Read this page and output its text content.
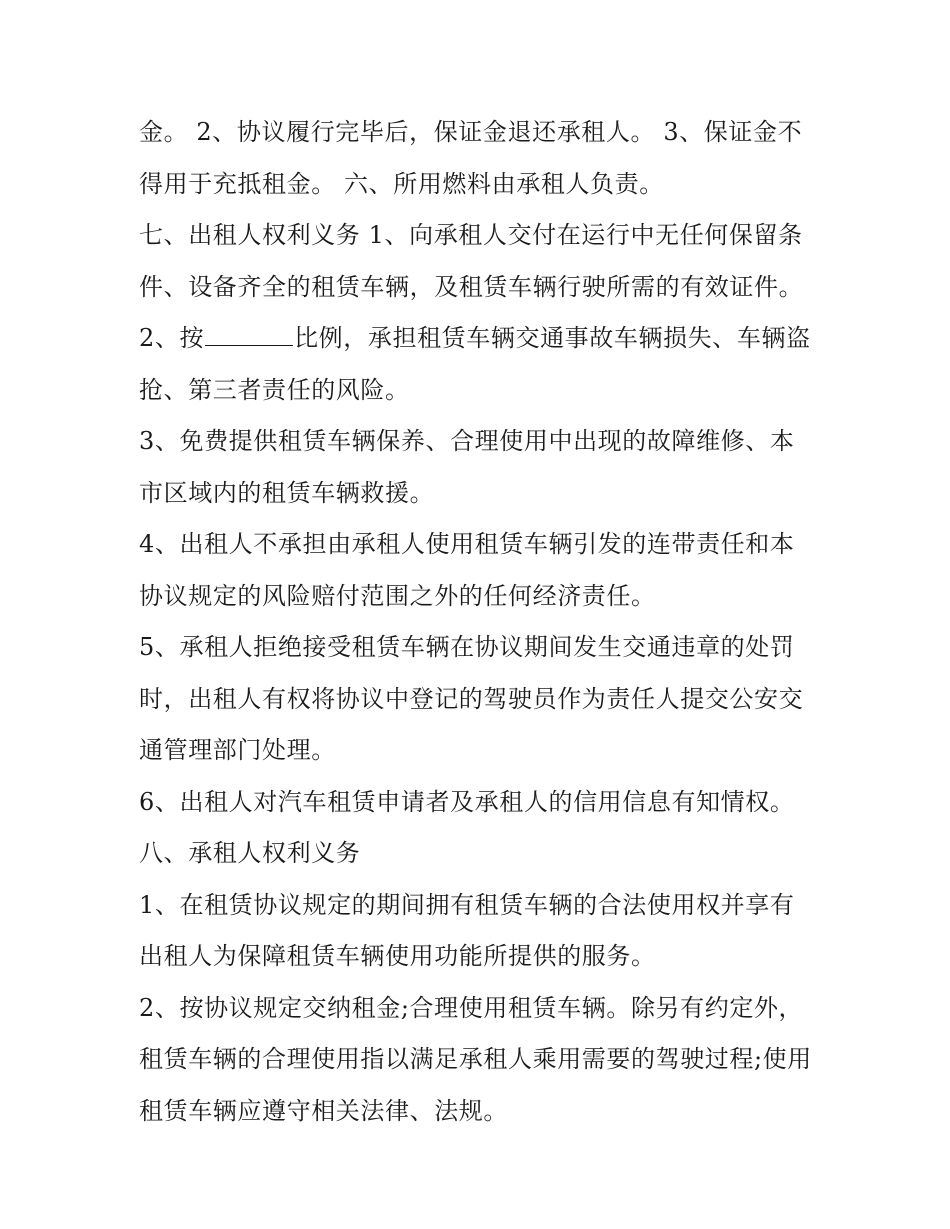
金。 2、协议履行完毕后，保证金退还承租人。 3、保证金不得用于充抵租金。 六、所用燃料由承租人负责。

七、出租人权利义务 1、向承租人交付在运行中无任何保留条件、设备齐全的租赁车辆，及租赁车辆行驶所需的有效证件。

2、按	比例，承担租赁车辆交通事故车辆损失、车辆盗抢、第三者责任的风险。

3、免费提供租赁车辆保养、合理使用中出现的故障维修、本市区域内的租赁车辆救援。

4、出租人不承担由承租人使用租赁车辆引发的连带责任和本协议规定的风险赔付范围之外的任何经济责任。

5、承租人拒绝接受租赁车辆在协议期间发生交通违章的处罚时，出租人有权将协议中登记的驾驶员作为责任人提交公安交通管理部门处理。

6、出租人对汽车租赁申请者及承租人的信用信息有知情权。

八、承租人权利义务

1、在租赁协议规定的期间拥有租赁车辆的合法使用权并享有出租人为保障租赁车辆使用功能所提供的服务。

2、按协议规定交纳租金;合理使用租赁车辆。除另有约定外，租赁车辆的合理使用指以满足承租人乘用需要的驾驶过程;使用租赁车辆应遵守相关法律、法规。
